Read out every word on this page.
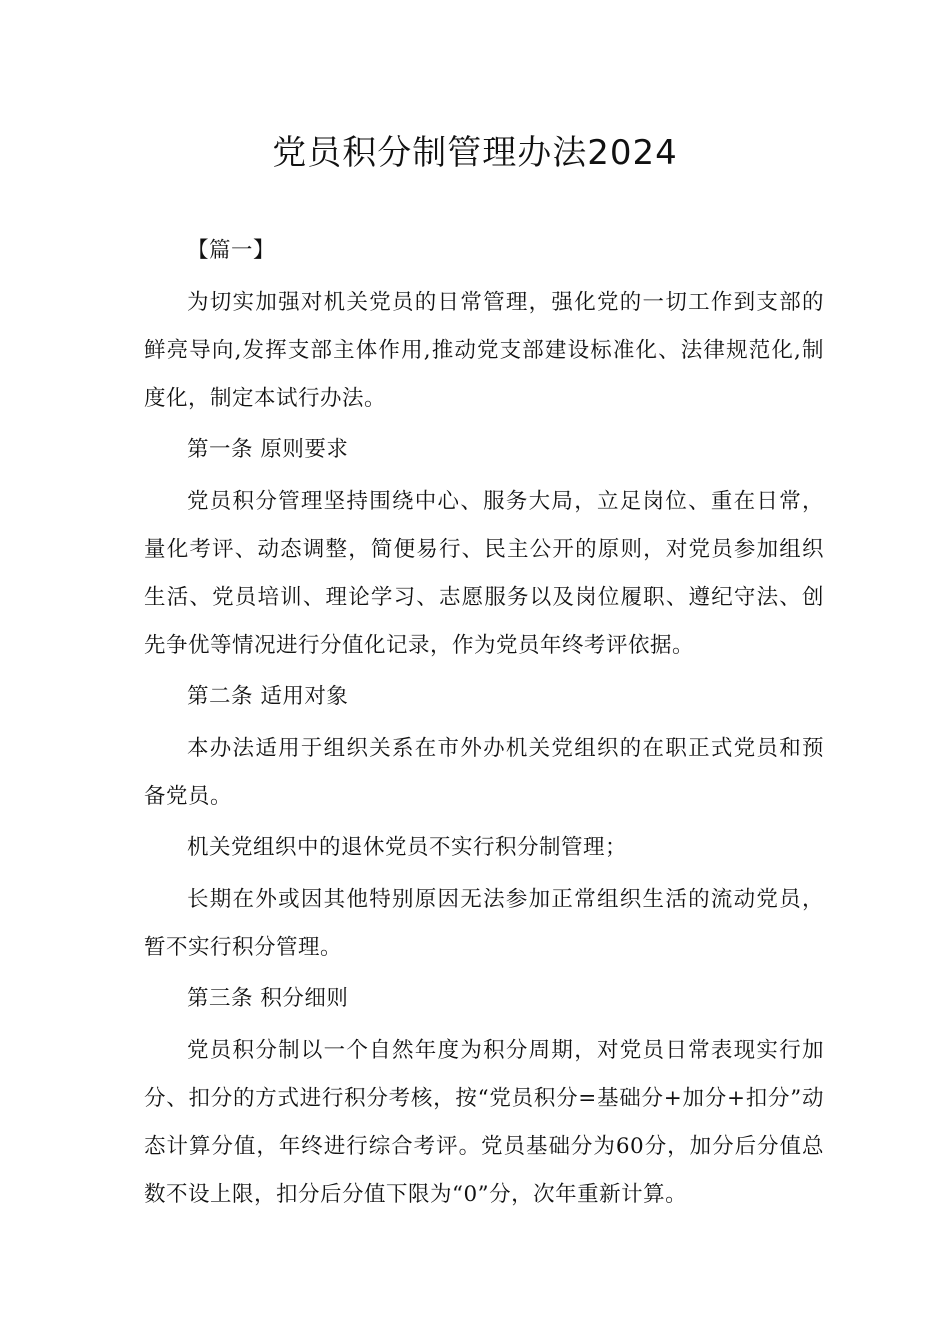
党员积分制管理办法2024

【篇一】

为切实加强对机关党员的日常管理，强化党的一切工作到支部的鲜亮导向,发挥支部主体作用,推动党支部建设标准化、法律规范化,制度化，制定本试行办法。

第一条 原则要求

党员积分管理坚持围绕中心、服务大局，立足岗位、重在日常，量化考评、动态调整，简便易行、民主公开的原则，对党员参加组织生活、党员培训、理论学习、志愿服务以及岗位履职、遵纪守法、创先争优等情况进行分值化记录，作为党员年终考评依据。

第二条 适用对象

本办法适用于组织关系在市外办机关党组织的在职正式党员和预备党员。

机关党组织中的退休党员不实行积分制管理；

长期在外或因其他特别原因无法参加正常组织生活的流动党员，暂不实行积分管理。

第三条 积分细则

党员积分制以一个自然年度为积分周期，对党员日常表现实行加分、扣分的方式进行积分考核，按“党员积分=基础分+加分+扣分”动态计算分值，年终进行综合考评。党员基础分为60分，加分后分值总数不设上限，扣分后分值下限为“0”分，次年重新计算。
